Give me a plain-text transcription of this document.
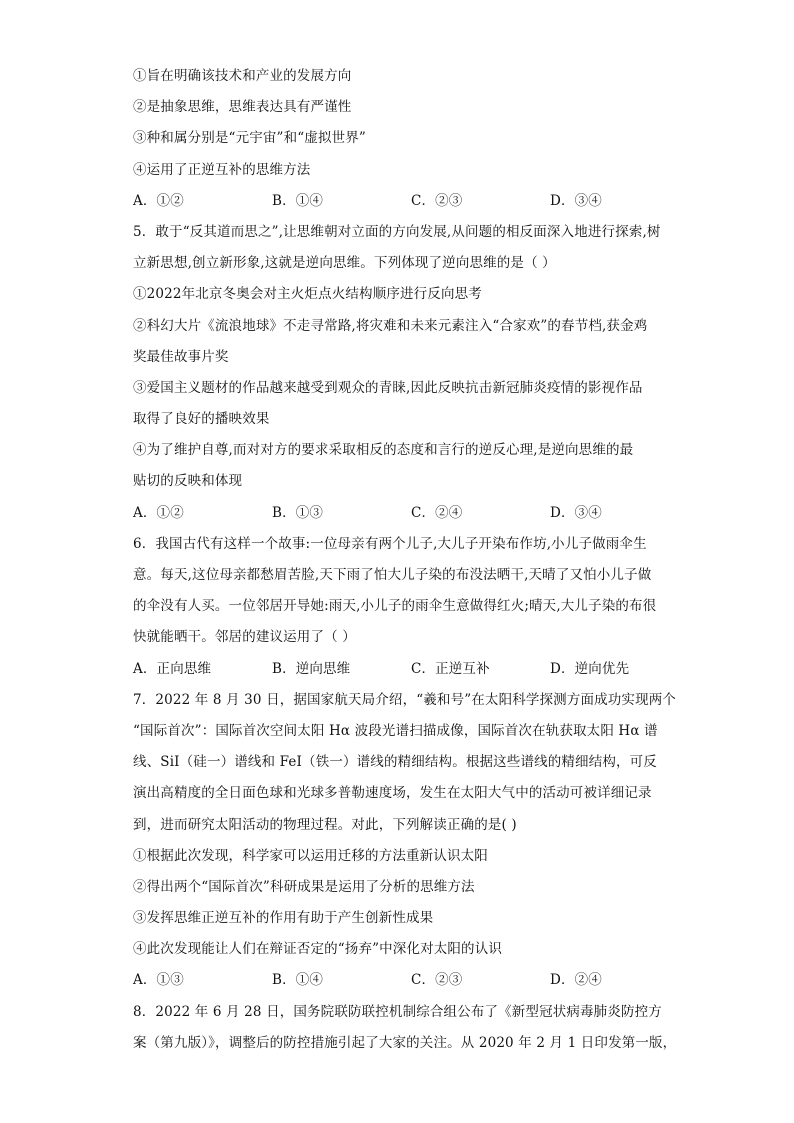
①旨在明确该技术和产业的发展方向
②是抽象思维，思维表达具有严谨性
③种和属分别是“元宇宙”和“虚拟世界”
④运用了正逆互补的思维方法
A．①②	B．①④	C．②③	D．③④
5．敢于“反其道而思之”,让思维朝对立面的方向发展,从问题的相反面深入地进行探索,树
立新思想,创立新形象,这就是逆向思维。下列体现了逆向思维的是（ ）
①2022年北京冬奥会对主火炬点火结构顺序进行反向思考
②科幻大片《流浪地球》不走寻常路,将灾难和未来元素注入“合家欢”的春节档,获金鸡
奖最佳故事片奖
③爱国主义题材的作品越来越受到观众的青睐,因此反映抗击新冠肺炎疫情的影视作品
取得了良好的播映效果
④为了维护自尊,而对对方的要求采取相反的态度和言行的逆反心理,是逆向思维的最
贴切的反映和体现
A．①②	B．①③	C．②④	D．③④
6．我国古代有这样一个故事:一位母亲有两个儿子,大儿子开染布作坊,小儿子做雨伞生
意。每天,这位母亲都愁眉苦脸,天下雨了怕大儿子染的布没法晒干,天晴了又怕小儿子做
的伞没有人买。一位邻居开导她:雨天,小儿子的雨伞生意做得红火;晴天,大儿子染的布很
快就能晒干。邻居的建议运用了（ ）
A．正向思维	B．逆向思维	C．正逆互补	D．逆向优先
7．2022 年 8 月 30 日，据国家航天局介绍，“羲和号”在太阳科学探测方面成功实现两个
“国际首次”：国际首次空间太阳 Hα 波段光谱扫描成像，国际首次在轨获取太阳 Hα 谱
线、SiI（硅一）谱线和 FeI（铁一）谱线的精细结构。根据这些谱线的精细结构，可反
演出高精度的全日面色球和光球多普勒速度场，发生在太阳大气中的活动可被详细记录
到，进而研究太阳活动的物理过程。对此，下列解读正确的是( )
①根据此次发现，科学家可以运用迁移的方法重新认识太阳
②得出两个“国际首次”科研成果是运用了分析的思维方法
③发挥思维正逆互补的作用有助于产生创新性成果
④此次发现能让人们在辩证否定的“扬弃”中深化对太阳的认识
A．①③	B．①④	C．②③	D．②④
8．2022 年 6 月 28 日，国务院联防联控机制综合组公布了《新型冠状病毒肺炎防控方
案（第九版）》，调整后的防控措施引起了大家的关注。从 2020 年 2 月 1 日印发第一版，
